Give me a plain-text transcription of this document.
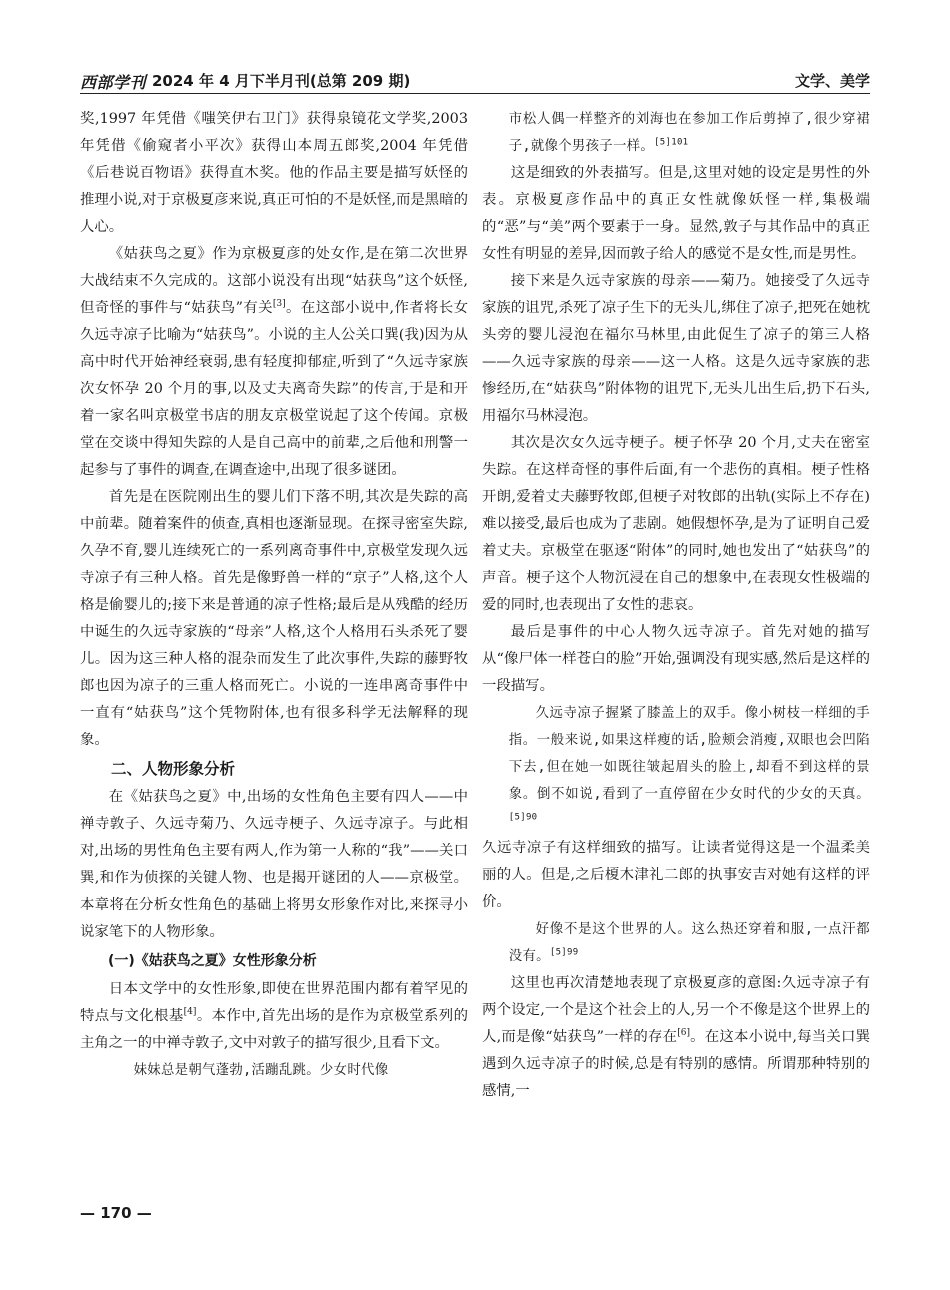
西部学刊 2024 年 4 月下半月刊(总第 209 期)	文学、美学

奖,1997 年凭借《嗤笑伊右卫门》获得泉镜花文学奖,2003 年凭借《偷窥者小平次》获得山本周五郎奖,2004 年凭借《后巷说百物语》获得直木奖。他的作品主要是描写妖怪的推理小说,对于京极夏彦来说,真正可怕的不是妖怪,而是黑暗的人心。

《姑获鸟之夏》作为京极夏彦的处女作,是在第二次世界大战结束不久完成的。这部小说没有出现“姑获鸟”这个妖怪,但奇怪的事件与“姑获鸟”有关[3]。在这部小说中,作者将长女久远寺凉子比喻为“姑获鸟”。小说的主人公关口巽(我)因为从高中时代开始神经衰弱,患有轻度抑郁症,听到了“久远寺家族次女怀孕 20 个月的事,以及丈夫离奇失踪”的传言,于是和开着一家名叫京极堂书店的朋友京极堂说起了这个传闻。京极堂在交谈中得知失踪的人是自己高中的前辈,之后他和刑警一起参与了事件的调查,在调查途中,出现了很多谜团。

首先是在医院刚出生的婴儿们下落不明,其次是失踪的高中前辈。随着案件的侦查,真相也逐渐显现。在探寻密室失踪,久孕不育,婴儿连续死亡的一系列离奇事件中,京极堂发现久远寺凉子有三种人格。首先是像野兽一样的“京子”人格,这个人格是偷婴儿的;接下来是普通的凉子性格;最后是从残酷的经历中诞生的久远寺家族的“母亲”人格,这个人格用石头杀死了婴儿。因为这三种人格的混杂而发生了此次事件,失踪的藤野牧郎也因为凉子的三重人格而死亡。小说的一连串离奇事件中一直有“姑获鸟”这个凭物附体,也有很多科学无法解释的现象。

二、人物形象分析

在《姑获鸟之夏》中,出场的女性角色主要有四人——中禅寺敦子、久远寺菊乃、久远寺梗子、久远寺凉子。与此相对,出场的男性角色主要有两人,作为第一人称的“我”——关口巽,和作为侦探的关键人物、也是揭开谜团的人——京极堂。本章将在分析女性角色的基础上将男女形象作对比,来探寻小说家笔下的人物形象。

(一)《姑获鸟之夏》女性形象分析

日本文学中的女性形象,即使在世界范围内都有着罕见的特点与文化根基[4]。本作中,首先出场的是作为京极堂系列的主角之一的中禅寺敦子,文中对敦子的描写很少,且看下文。

妹妹总是朝气蓬勃,活蹦乱跳。少女时代像

市松人偶一样整齐的刘海也在参加工作后剪掉了,很少穿裙子,就像个男孩子一样。$^{[5]101}$

这是细致的外表描写。但是,这里对她的设定是男性的外表。京极夏彦作品中的真正女性就像妖怪一样,集极端的“恶”与“美”两个要素于一身。显然,敦子与其作品中的真正女性有明显的差异,因而敦子给人的感觉不是女性,而是男性。

接下来是久远寺家族的母亲——菊乃。她接受了久远寺家族的诅咒,杀死了凉子生下的无头儿,绑住了凉子,把死在她枕头旁的婴儿浸泡在福尔马林里,由此促生了凉子的第三人格——久远寺家族的母亲——这一人格。这是久远寺家族的悲惨经历,在“姑获鸟”附体物的诅咒下,无头儿出生后,扔下石头,用福尔马林浸泡。

其次是次女久远寺梗子。梗子怀孕 20 个月,丈夫在密室失踪。在这样奇怪的事件后面,有一个悲伤的真相。梗子性格开朗,爱着丈夫藤野牧郎,但梗子对牧郎的出轨(实际上不存在)难以接受,最后也成为了悲剧。她假想怀孕,是为了证明自己爱着丈夫。京极堂在驱逐“附体”的同时,她也发出了“姑获鸟”的声音。梗子这个人物沉浸在自己的想象中,在表现女性极端的爱的同时,也表现出了女性的悲哀。

最后是事件的中心人物久远寺凉子。首先对她的描写从“像尸体一样苍白的脸”开始,强调没有现实感,然后是这样的一段描写。

久远寺凉子握紧了膝盖上的双手。像小树枝一样细的手指。一般来说,如果这样瘦的话,脸颊会消瘦,双眼也会凹陷下去,但在她一如既往皱起眉头的脸上,却看不到这样的景象。倒不如说,看到了一直停留在少女时代的少女的天真。$^{[5]90}$

久远寺凉子有这样细致的描写。让读者觉得这是一个温柔美丽的人。但是,之后榎木津礼二郎的执事安吉对她有这样的评价。

好像不是这个世界的人。这么热还穿着和服,一点汗都没有。$^{[5]99}$

这里也再次清楚地表现了京极夏彦的意图:久远寺凉子有两个设定,一个是这个社会上的人,另一个不像是这个世界上的人,而是像“姑获鸟”一样的存在[6]。在这本小说中,每当关口巽遇到久远寺凉子的时候,总是有特别的感情。所谓那种特别的感情,一

— 170 —
